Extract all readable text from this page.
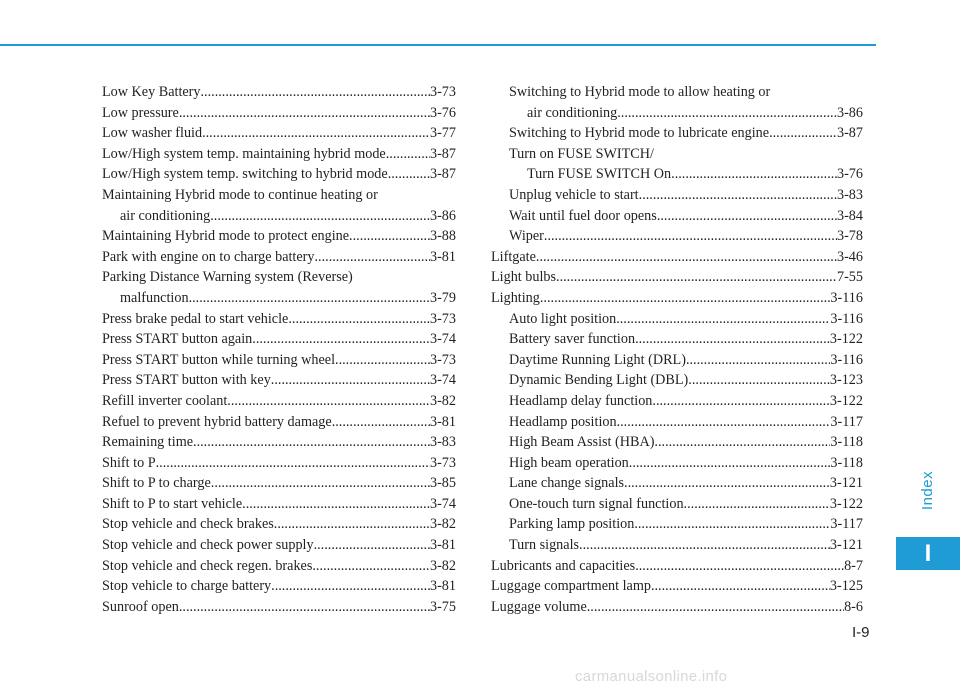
Low Key Battery .....	3-73
Low pressure .....	3-76
Low washer fluid .....	3-77
Low/High system temp. maintaining hybrid mode .....	3-87
Low/High system temp. switching to hybrid mode .....	3-87
Maintaining Hybrid mode to continue heating or
air conditioning .....	3-86
Maintaining Hybrid mode to protect engine .....	3-88
Park with engine on to charge battery .....	3-81
Parking Distance Warning system (Reverse)
malfunction .....	3-79
Press brake pedal to start vehicle .....	3-73
Press START button again .....	3-74
Press START button while turning wheel .....	3-73
Press START button with key .....	3-74
Refill inverter coolant .....	3-82
Refuel to prevent hybrid battery damage .....	3-81
Remaining time .....	3-83
Shift to P .....	3-73
Shift to P to charge .....	3-85
Shift to P to start vehicle .....	3-74
Stop vehicle and check brakes .....	3-82
Stop vehicle and check power supply .....	3-81
Stop vehicle and check regen. brakes .....	3-82
Stop vehicle to charge battery .....	3-81
Sunroof open .....	3-75
Switching to Hybrid mode to allow heating or
air conditioning .....	3-86
Switching to Hybrid mode to lubricate engine .....	3-87
Turn on FUSE SWITCH/
Turn FUSE SWITCH On .....	3-76
Unplug vehicle to start .....	3-83
Wait until fuel door opens .....	3-84
Wiper .....	3-78
Liftgate .....	3-46
Light bulbs .....	7-55
Lighting .....	3-116
Auto light position .....	3-116
Battery saver function .....	3-122
Daytime Running Light (DRL) .....	3-116
Dynamic Bending Light (DBL) .....	3-123
Headlamp delay function .....	3-122
Headlamp position .....	3-117
High Beam Assist (HBA) .....	3-118
High beam operation .....	3-118
Lane change signals .....	3-121
One-touch turn signal function .....	3-122
Parking lamp position .....	3-117
Turn signals .....	3-121
Lubricants and capacities .....	8-7
Luggage compartment lamp .....	3-125
Luggage volume .....	8-6
Index
I
I-9
carmanualsonline.info
